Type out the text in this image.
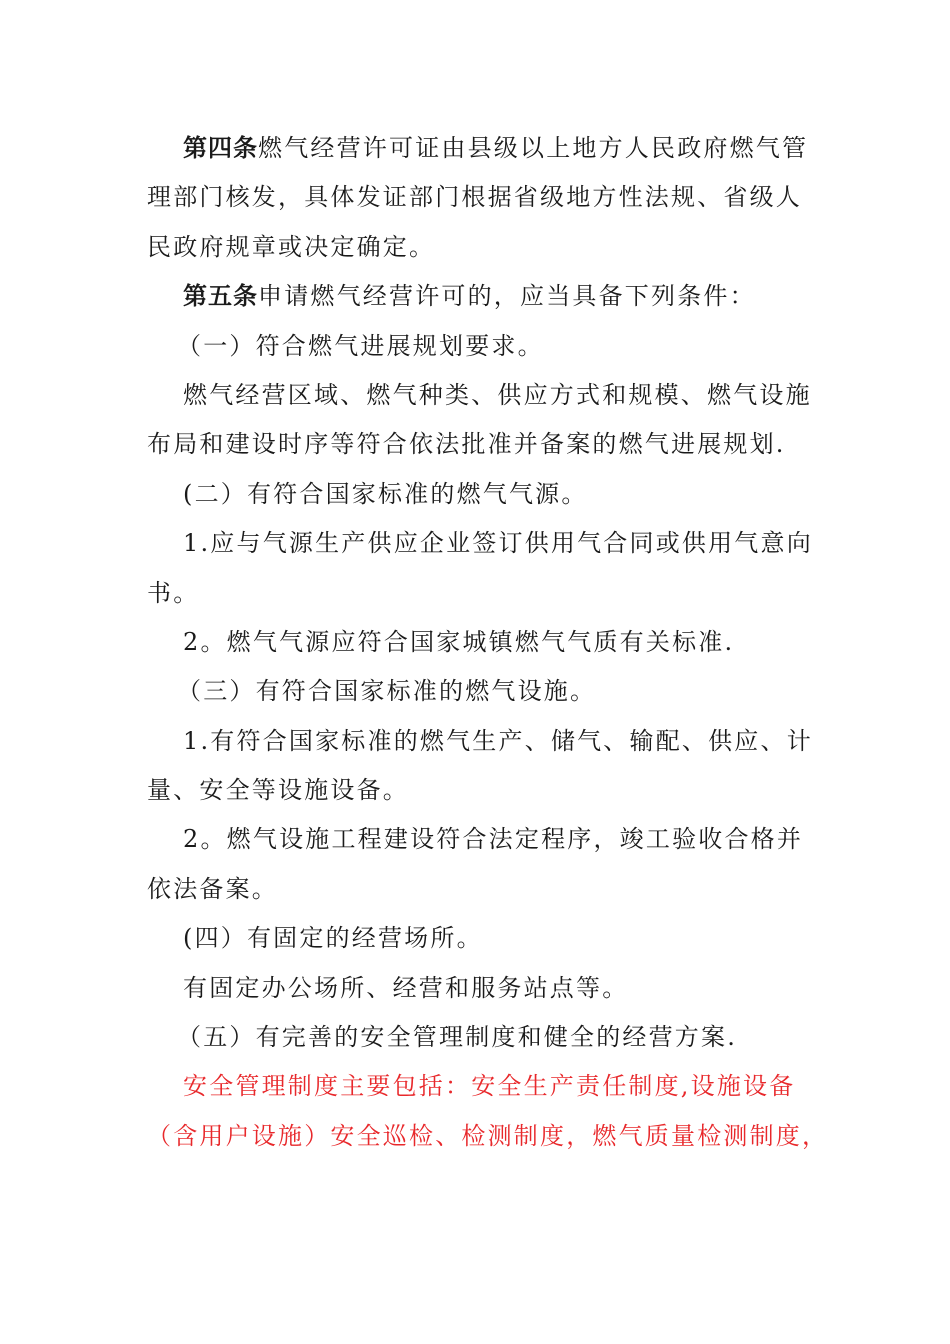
第四条燃气经营许可证由县级以上地方人民政府燃气管
理部门核发，具体发证部门根据省级地方性法规、省级人
民政府规章或决定确定。
第五条申请燃气经营许可的，应当具备下列条件：
（一）符合燃气进展规划要求。
燃气经营区域、燃气种类、供应方式和规模、燃气设施
布局和建设时序等符合依法批准并备案的燃气进展规划.
(二）有符合国家标准的燃气气源。
1.应与气源生产供应企业签订供用气合同或供用气意向
书。
2。燃气气源应符合国家城镇燃气气质有关标准.
（三）有符合国家标准的燃气设施。
1.有符合国家标准的燃气生产、储气、输配、供应、计
量、安全等设施设备。
2。燃气设施工程建设符合法定程序，竣工验收合格并
依法备案。
(四）有固定的经营场所。
有固定办公场所、经营和服务站点等。
（五）有完善的安全管理制度和健全的经营方案.
安全管理制度主要包括：安全生产责任制度,设施设备
（含用户设施）安全巡检、检测制度，燃气质量检测制度，
